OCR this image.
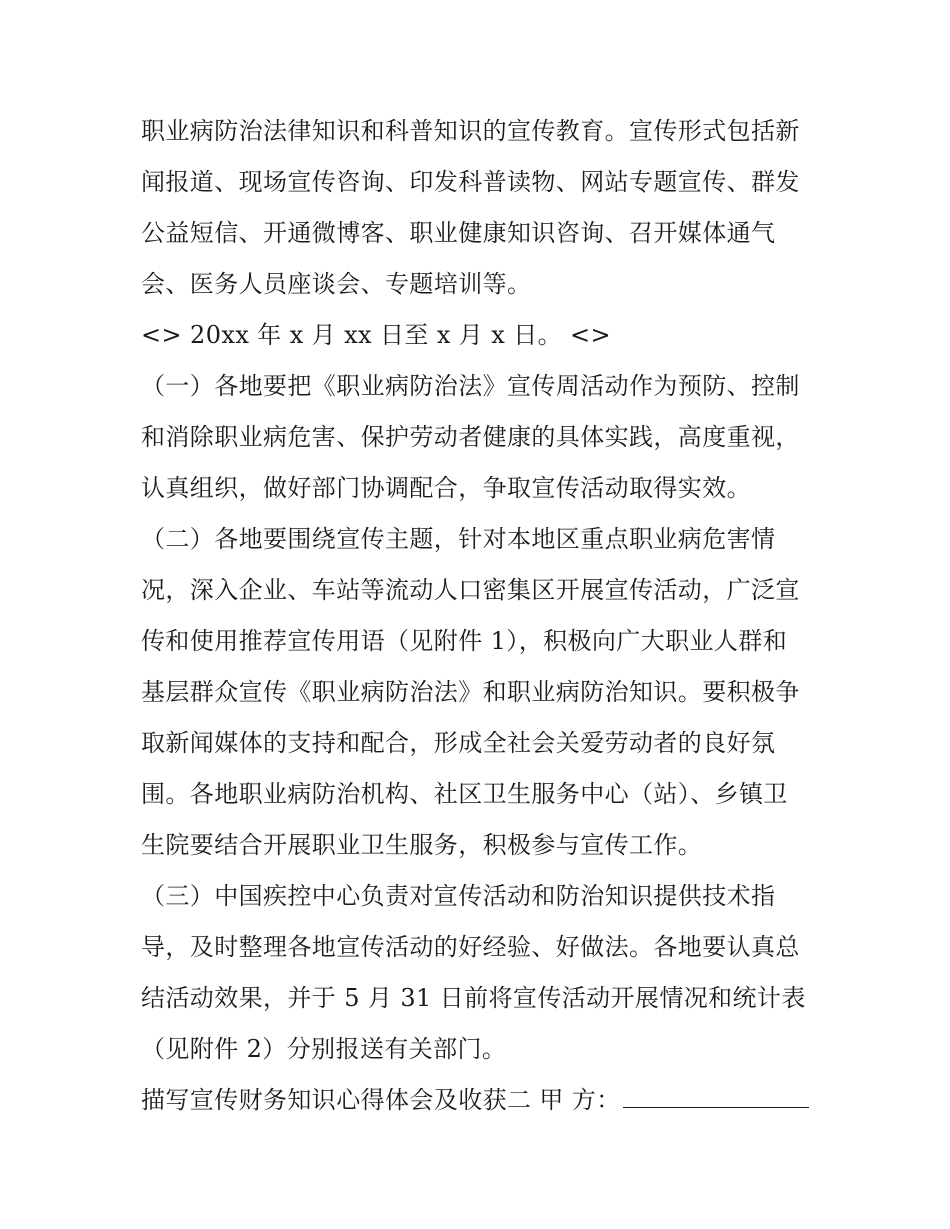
职业病防治法律知识和科普知识的宣传教育。宣传形式包括新
闻报道、现场宣传咨询、印发科普读物、网站专题宣传、群发
公益短信、开通微博客、职业健康知识咨询、召开媒体通气
会、医务人员座谈会、专题培训等。
<> 20xx 年 x 月 xx 日至 x 月 x 日。 <>
（一）各地要把《职业病防治法》宣传周活动作为预防、控制
和消除职业病危害、保护劳动者健康的具体实践，高度重视，
认真组织，做好部门协调配合，争取宣传活动取得实效。
（二）各地要围绕宣传主题，针对本地区重点职业病危害情
况，深入企业、车站等流动人口密集区开展宣传活动，广泛宣
传和使用推荐宣传用语（见附件 1），积极向广大职业人群和
基层群众宣传《职业病防治法》和职业病防治知识。要积极争
取新闻媒体的支持和配合，形成全社会关爱劳动者的良好氛
围。各地职业病防治机构、社区卫生服务中心（站）、乡镇卫
生院要结合开展职业卫生服务，积极参与宣传工作。
（三）中国疾控中心负责对宣传活动和防治知识提供技术指
导，及时整理各地宣传活动的好经验、好做法。各地要认真总
结活动效果，并于 5 月 31 日前将宣传活动开展情况和统计表
（见附件 2）分别报送有关部门。
描写宣传财务知识心得体会及收获二 甲 方：
